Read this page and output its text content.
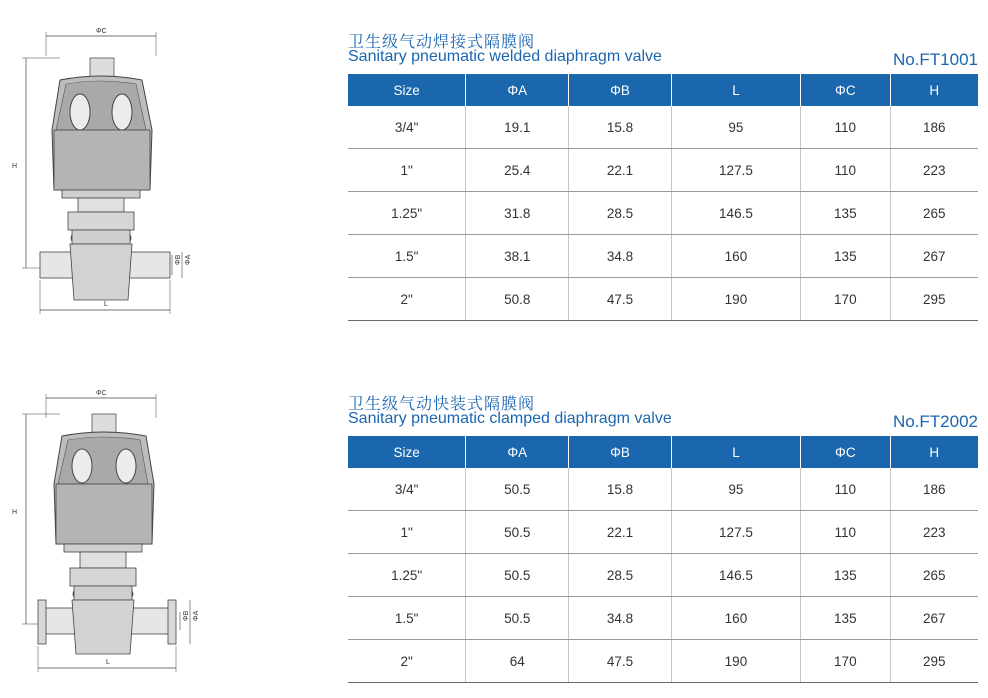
ΦC
H
ΦB ΦA
L
卫生级气动焊接式隔膜阀
Sanitary pneumatic welded diaphragm valve	No.FT1001
Size	ΦA	ΦB	L	ΦC	H
3/4"	19.1	15.8	95	110	186
1"	25.4	22.1	127.5	110	223
1.25"	31.8	28.5	146.5	135	265
1.5"	38.1	34.8	160	135	267
2"	50.8	47.5	190	170	295
ΦC
H
ΦB ΦA
L
卫生级气动快装式隔膜阀
Sanitary pneumatic clamped diaphragm valve	No.FT2002
Size	ΦA	ΦB	L	ΦC	H
3/4"	50.5	15.8	95	110	186
1"	50.5	22.1	127.5	110	223
1.25"	50.5	28.5	146.5	135	265
1.5"	50.5	34.8	160	135	267
2"	64	47.5	190	170	295
